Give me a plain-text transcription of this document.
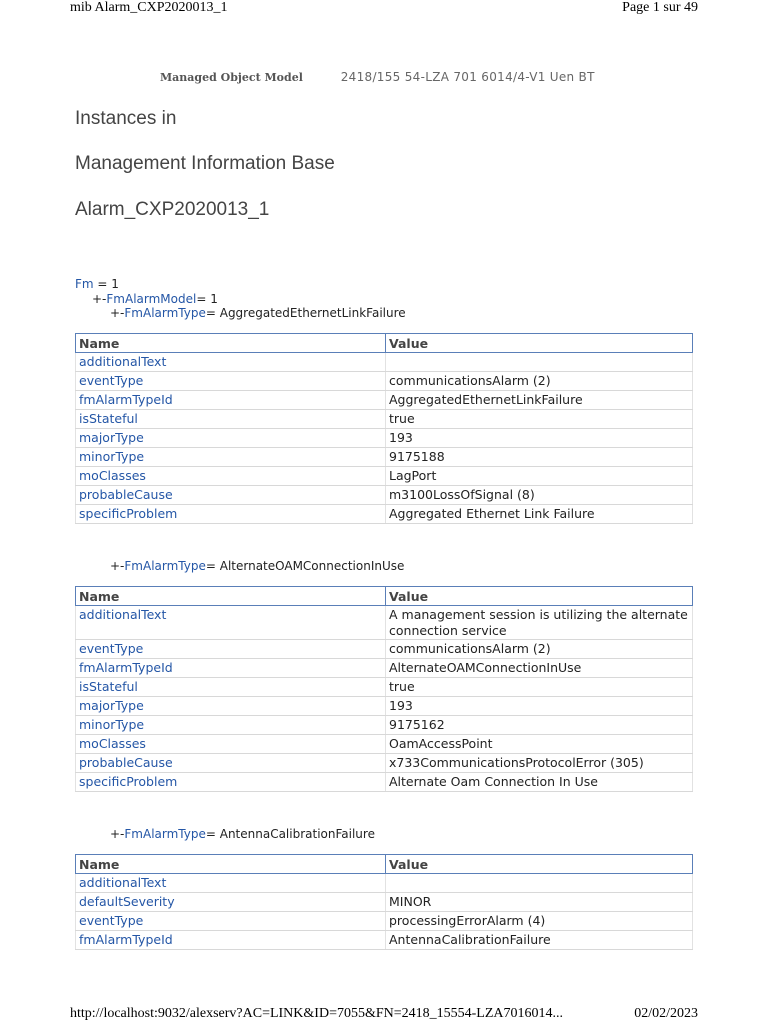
mib Alarm_CXP2020013_1	Page 1 sur 49
Managed Object Model	2418/155 54-LZA 701 6014/4-V1 Uen BT
Instances in
Management Information Base
Alarm_CXP2020013_1
Fm = 1
+-FmAlarmModel= 1
+-FmAlarmType= AggregatedEthernetLinkFailure
Name	Value
additionalText	
eventType	communicationsAlarm (2)
fmAlarmTypeId	AggregatedEthernetLinkFailure
isStateful	true
majorType	193
minorType	9175188
moClasses	LagPort
probableCause	m3100LossOfSignal (8)
specificProblem	Aggregated Ethernet Link Failure
+-FmAlarmType= AlternateOAMConnectionInUse
Name	Value
additionalText	A management session is utilizing the alternate connection service
eventType	communicationsAlarm (2)
fmAlarmTypeId	AlternateOAMConnectionInUse
isStateful	true
majorType	193
minorType	9175162
moClasses	OamAccessPoint
probableCause	x733CommunicationsProtocolError (305)
specificProblem	Alternate Oam Connection In Use
+-FmAlarmType= AntennaCalibrationFailure
Name	Value
additionalText	
defaultSeverity	MINOR
eventType	processingErrorAlarm (4)
fmAlarmTypeId	AntennaCalibrationFailure
http://localhost:9032/alexserv?AC=LINK&ID=7055&FN=2418_15554-LZA7016014...	02/02/2023
